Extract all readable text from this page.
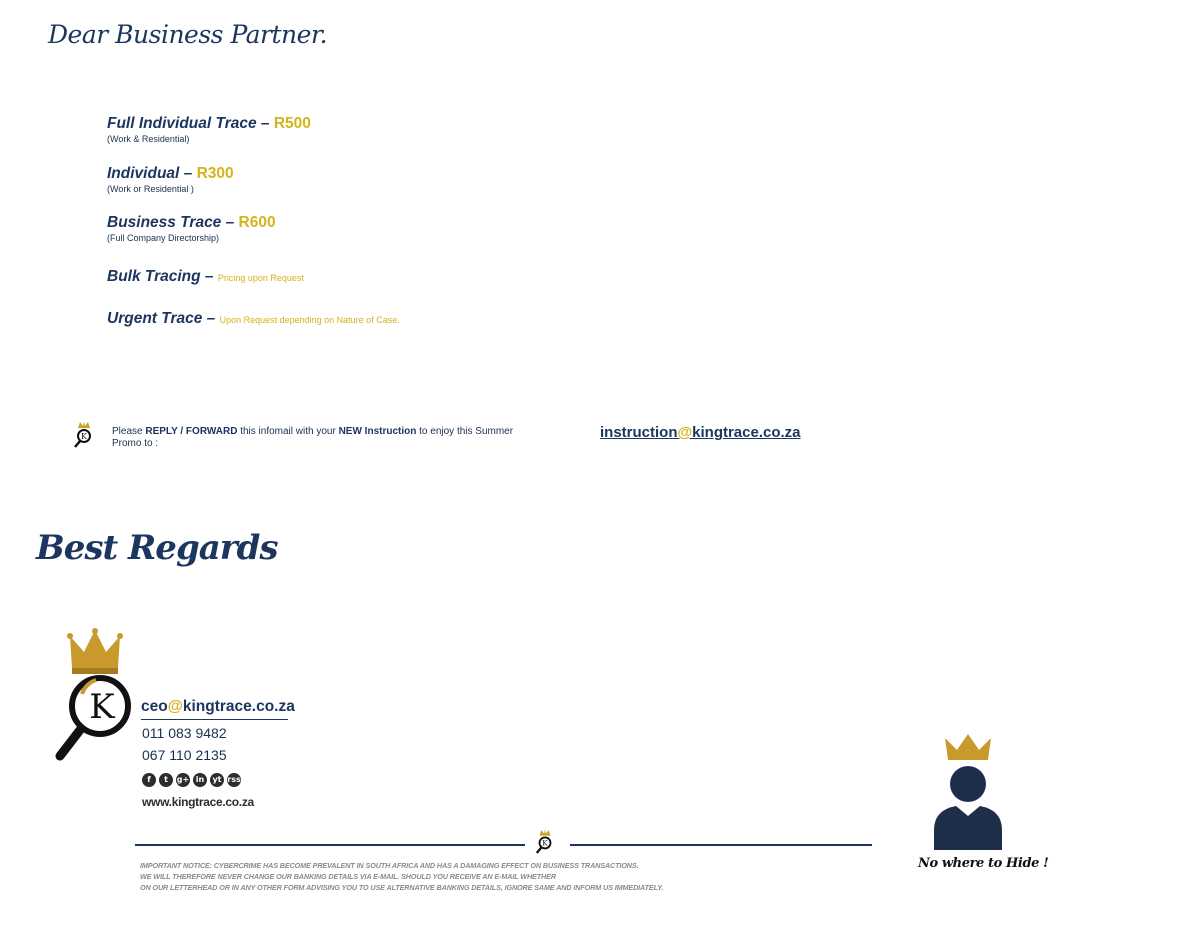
Dear Business Partner.
Full Individual Trace – R500
(Work & Residential)
Individual – R300
(Work or Residential )
Business Trace – R600
(Full Company Directorship)
Bulk Tracing – Pricing upon Request
Urgent Trace – Upon Request depending on Nature of Case.
K	Please REPLY / FORWARD this infomail with your NEW Instruction to enjoy this Summer Promo to :
instruction@kingtrace.co.za
Best Regards
K ceo@kingtrace.co.za
011 083 9482
067 110 2135
f	t	g+ in	yt rss
www.kingtrace.co.za
K
IMPORTANT NOTICE: CYBERCRIME HAS BECOME PREVALENT IN SOUTH AFRICA AND HAS A DAMAGING EFFECT ON BUSINESS TRANSACTIONS.
WE WILL THEREFORE NEVER CHANGE OUR BANKING DETAILS VIA E-MAIL. SHOULD YOU RECEIVE AN E-MAIL WHETHER
ON OUR LETTERHEAD OR IN ANY OTHER FORM ADVISING YOU TO USE ALTERNATIVE BANKING DETAILS, IGNORE SAME AND INFORM US IMMEDIATELY.
No where to Hide !
